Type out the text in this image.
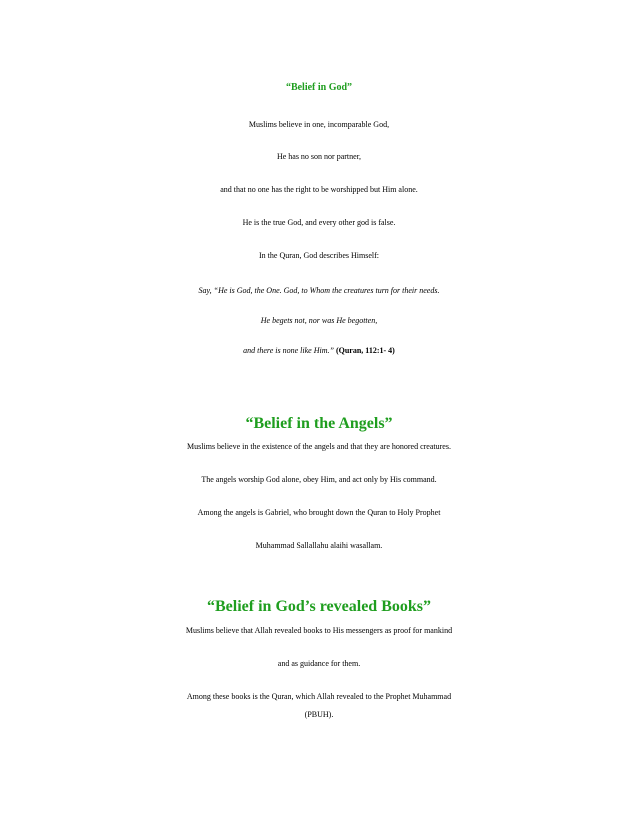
“Belief in God”

Muslims believe in one, incomparable God,

He has no son nor partner,

and that no one has the right to be worshipped but Him alone.

He is the true God, and every other god is false.

In the Quran, God describes Himself:

Say, “He is God, the One. God, to Whom the creatures turn for their needs.

He begets not, nor was He begotten,

and there is none like Him.” (Quran, 112:1- 4)

“Belief in the Angels”

Muslims believe in the existence of the angels and that they are honored creatures.

The angels worship God alone, obey Him, and act only by His command.

Among the angels is Gabriel, who brought down the Quran to Holy Prophet

Muhammad Sallallahu alaihi wasallam.

“Belief in God’s revealed Books”

Muslims believe that Allah revealed books to His messengers as proof for mankind

and as guidance for them.

Among these books is the Quran, which Allah revealed to the Prophet Muhammad

(PBUH).
